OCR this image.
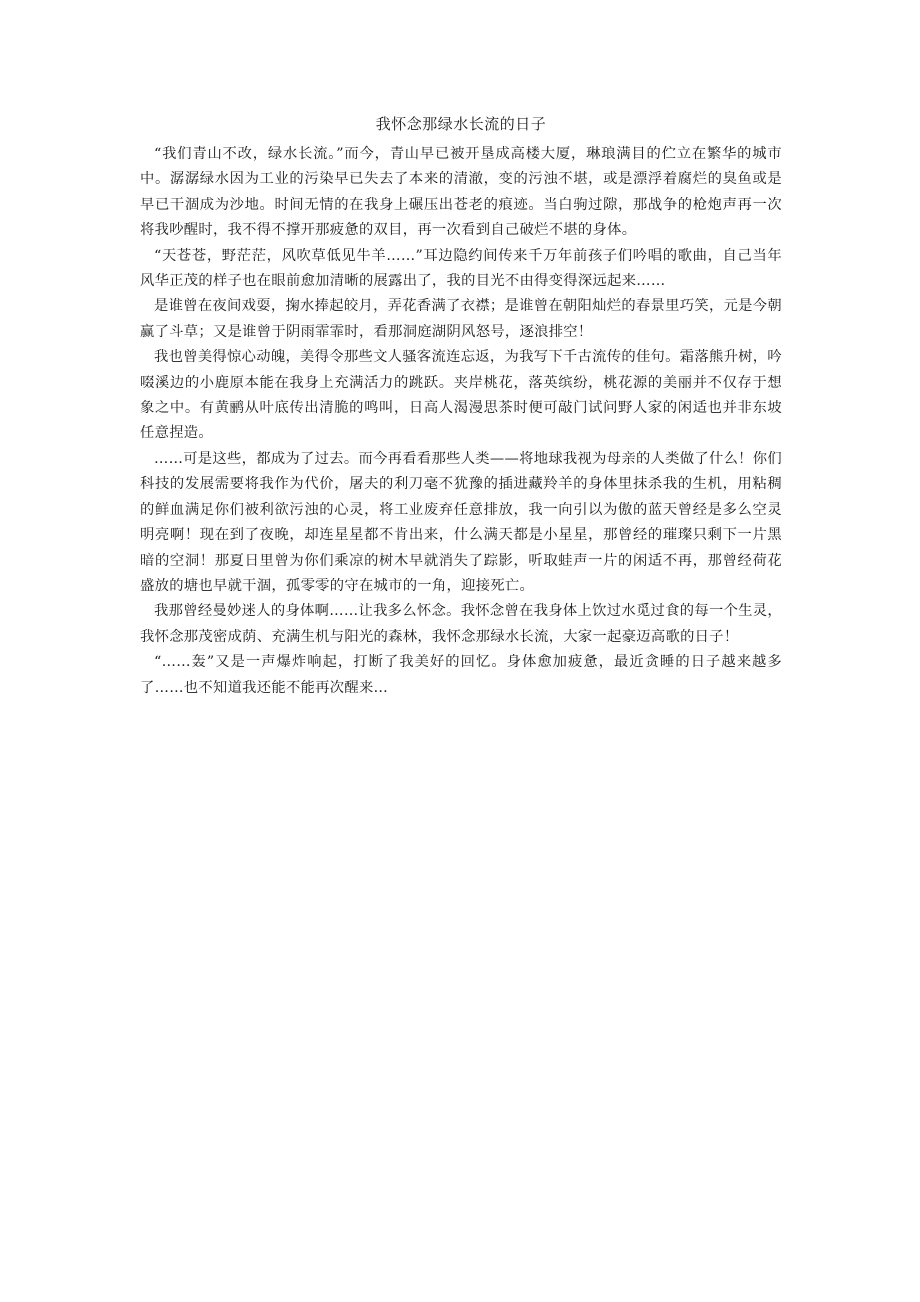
我怀念那绿水长流的日子

“我们青山不改，绿水长流。”而今，青山早已被开垦成高楼大厦，琳琅满目的伫立在繁华的城市中。潺潺绿水因为工业的污染早已失去了本来的清澈，变的污浊不堪，或是漂浮着腐烂的臭鱼或是早已干涸成为沙地。时间无情的在我身上碾压出苍老的痕迹。当白驹过隙，那战争的枪炮声再一次将我吵醒时，我不得不撑开那疲惫的双目，再一次看到自己破烂不堪的身体。

“天苍苍，野茫茫，风吹草低见牛羊……”耳边隐约间传来千万年前孩子们吟唱的歌曲，自己当年风华正茂的样子也在眼前愈加清晰的展露出了，我的目光不由得变得深远起来……

是谁曾在夜间戏耍，掬水捧起皎月，弄花香满了衣襟；是谁曾在朝阳灿烂的春景里巧笑，元是今朝赢了斗草；又是谁曾于阴雨霏霏时，看那洞庭湖阴风怒号，逐浪排空！

我也曾美得惊心动魄，美得令那些文人骚客流连忘返，为我写下千古流传的佳句。霜落熊升树，吟啜溪边的小鹿原本能在我身上充满活力的跳跃。夹岸桃花，落英缤纷，桃花源的美丽并不仅存于想象之中。有黄鹂从叶底传出清脆的鸣叫，日高人渴漫思茶时便可敲门试问野人家的闲适也并非东坡任意捏造。

……可是这些，都成为了过去。而今再看看那些人类——将地球我视为母亲的人类做了什么！你们科技的发展需要将我作为代价，屠夫的利刀毫不犹豫的插进藏羚羊的身体里抹杀我的生机，用粘稠的鲜血满足你们被利欲污浊的心灵，将工业废弃任意排放，我一向引以为傲的蓝天曾经是多么空灵明亮啊！现在到了夜晚，却连星星都不肯出来，什么满天都是小星星，那曾经的璀璨只剩下一片黑暗的空洞！那夏日里曾为你们乘凉的树木早就消失了踪影，听取蛙声一片的闲适不再，那曾经荷花盛放的塘也早就干涸，孤零零的守在城市的一角，迎接死亡。

我那曾经曼妙迷人的身体啊……让我多么怀念。我怀念曾在我身体上饮过水觅过食的每一个生灵，我怀念那茂密成荫、充满生机与阳光的森林，我怀念那绿水长流，大家一起豪迈高歌的日子！

“……轰”又是一声爆炸响起，打断了我美好的回忆。身体愈加疲惫，最近贪睡的日子越来越多了……也不知道我还能不能再次醒来…
